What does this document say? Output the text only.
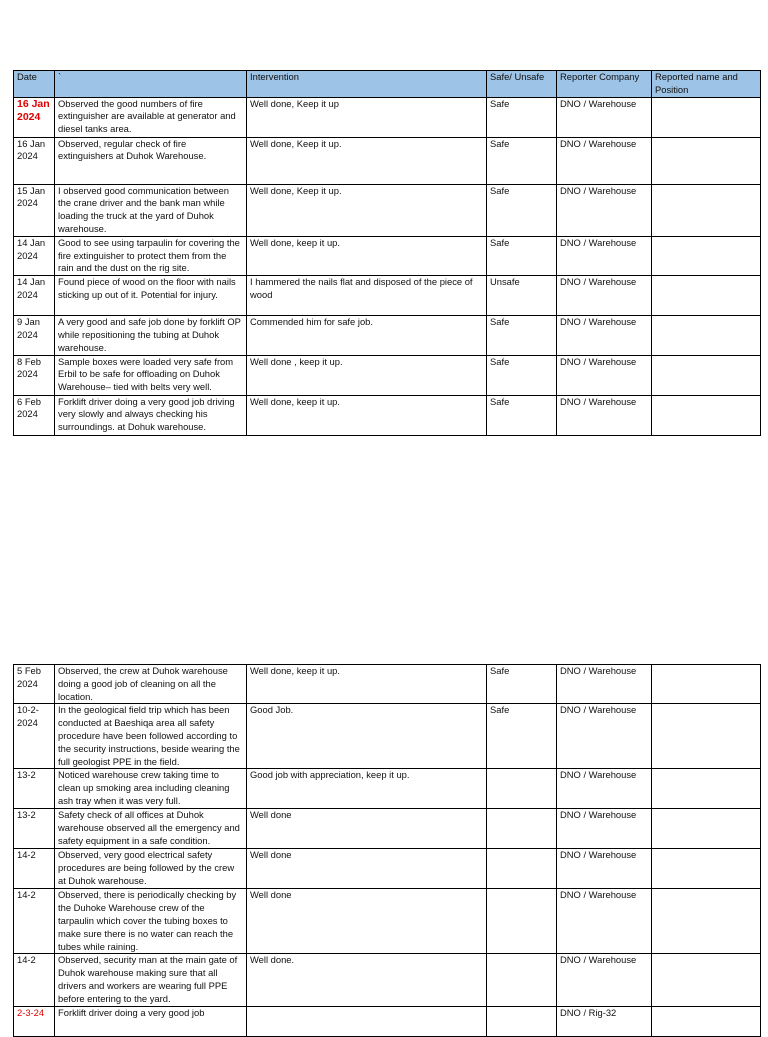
Date	`	Intervention	Safe/ Unsafe	Reporter Company	Reported name and Position
16 Jan 2024	Observed the good numbers of fire extinguisher are available at generator and diesel tanks area.	Well done, Keep it up	Safe	DNO / Warehouse	
16 Jan 2024	Observed, regular check of fire extinguishers at Duhok Warehouse.	Well done, Keep it up.	Safe	DNO / Warehouse	
15 Jan 2024	I observed good communication between the crane driver and the bank man while loading the truck at the yard of Duhok warehouse.	Well done, Keep it up.	Safe	DNO / Warehouse	
14 Jan 2024	Good to see using tarpaulin for covering the fire extinguisher to protect them from the rain and the dust on the rig site.	Well done, keep it up.	Safe	DNO / Warehouse	
14 Jan 2024	Found piece of wood on the floor with nails sticking up out of it. Potential for injury.	I hammered the nails flat and disposed of the piece of wood	Unsafe	DNO / Warehouse	
9 Jan 2024	A very good and safe job done by forklift OP while repositioning the tubing at Duhok warehouse.	Commended him for safe job.	Safe	DNO / Warehouse	
8 Feb 2024	Sample boxes were loaded very safe from Erbil to be safe for offloading on Duhok Warehouse– tied with belts very well.	Well done , keep it up.	Safe	DNO / Warehouse	
6 Feb 2024	Forklift driver doing a very good job driving very slowly and always checking his surroundings. at Dohuk warehouse.	Well done, keep it up.	Safe	DNO / Warehouse	
5 Feb 2024	Observed, the crew at Duhok warehouse doing a good job of cleaning on all the location.	Well done, keep it up.	Safe	DNO / Warehouse	
10-2-2024	In the geological field trip which has been conducted at Baeshiqa area all safety procedure have been followed according to the security instructions, beside wearing the full geologist PPE in the field.	Good Job.	Safe	DNO / Warehouse	
13-2	Noticed warehouse crew taking time to clean up smoking area including cleaning ash tray when it was very full.	Good job with appreciation, keep it up.		DNO / Warehouse	
13-2	Safety check of all offices at Duhok warehouse observed all the emergency and safety equipment in a safe condition.	Well done		DNO / Warehouse	
14-2	Observed, very good electrical safety procedures are being followed by the crew at Duhok warehouse.	Well done		DNO / Warehouse	
14-2	Observed, there is periodically checking by the Duhoke Warehouse crew of the tarpaulin which cover the tubing boxes to make sure there is no water can reach the tubes while raining.	Well done		DNO / Warehouse	
14-2	Observed, security man at the main gate of Duhok warehouse making sure that all drivers and workers are wearing full PPE before entering to the yard.	Well done.		DNO / Warehouse	
2-3-24	Forklift driver doing a very good job			DNO / Rig-32	
